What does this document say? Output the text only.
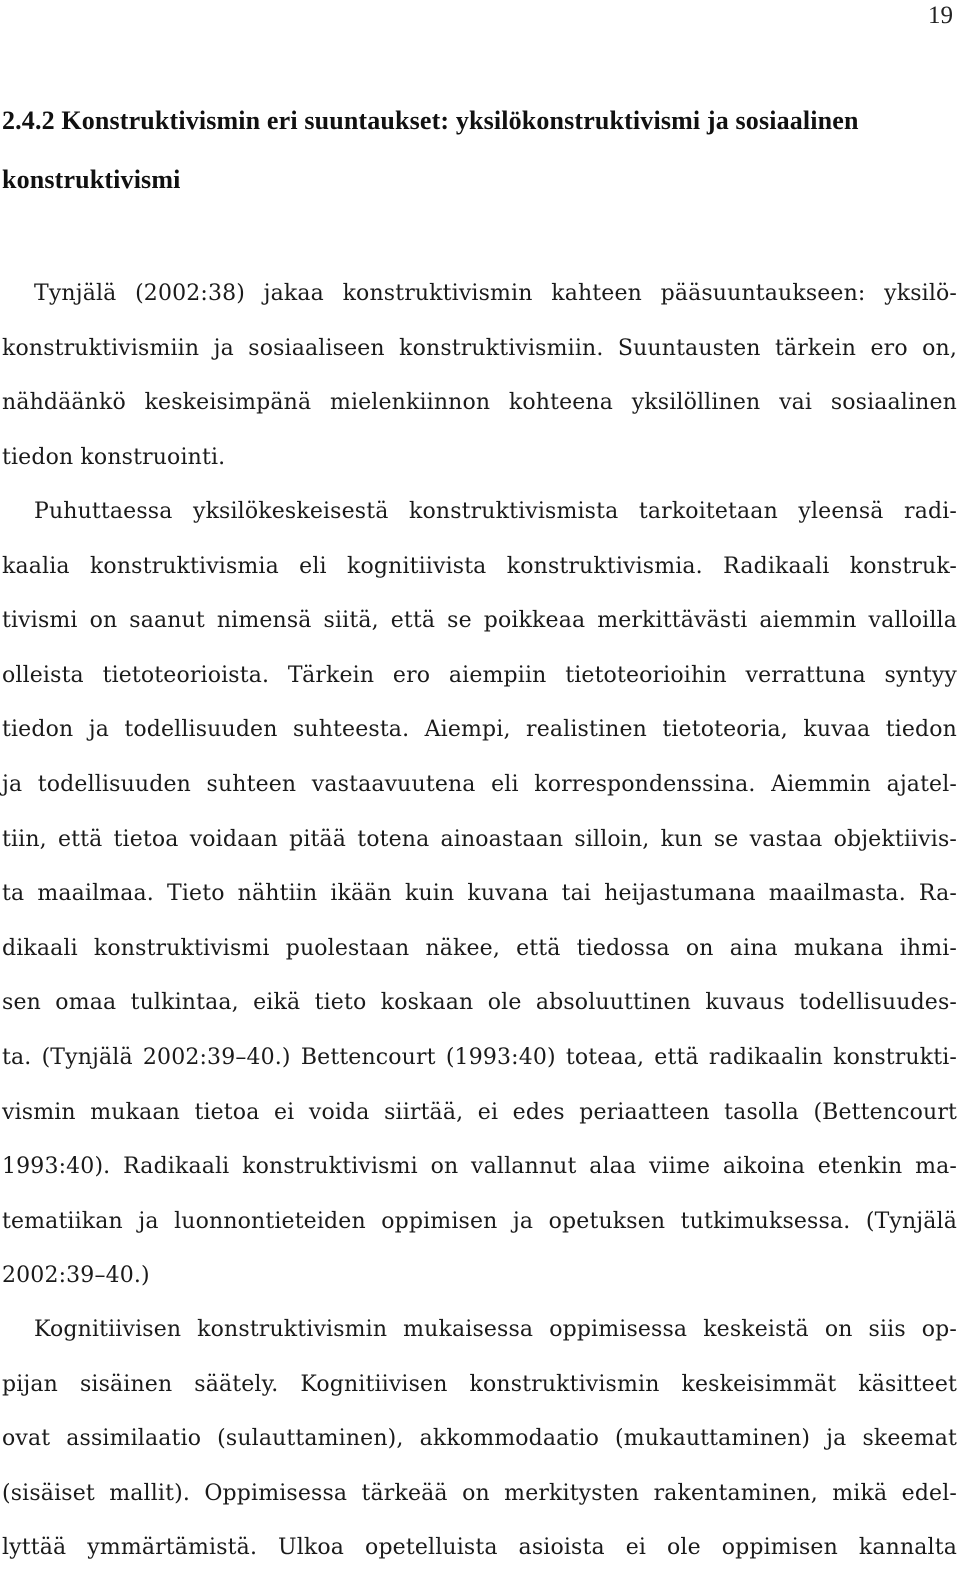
19
2.4.2 Konstruktivismin eri suuntaukset: yksilökonstruktivismi ja sosiaalinen
konstruktivismi
Tynjälä (2002:38) jakaa konstruktivismin kahteen pääsuuntaukseen: yksilö-
konstruktivismiin ja sosiaaliseen konstruktivismiin. Suuntausten tärkein ero on,
nähdäänkö keskeisimpänä mielenkiinnon kohteena yksilöllinen vai sosiaalinen
tiedon konstruointi.
Puhuttaessa yksilökeskeisestä konstruktivismista tarkoitetaan yleensä radi-
kaalia konstruktivismia eli kognitiivista konstruktivismia. Radikaali konstruk-
tivismi on saanut nimensä siitä, että se poikkeaa merkittävästi aiemmin valloilla
olleista tietoteorioista. Tärkein ero aiempiin tietoteorioihin verrattuna syntyy
tiedon ja todellisuuden suhteesta. Aiempi, realistinen tietoteoria, kuvaa tiedon
ja todellisuuden suhteen vastaavuutena eli korrespondenssina. Aiemmin ajatel-
tiin, että tietoa voidaan pitää totena ainoastaan silloin, kun se vastaa objektiivis-
ta maailmaa. Tieto nähtiin ikään kuin kuvana tai heijastumana maailmasta. Ra-
dikaali konstruktivismi puolestaan näkee, että tiedossa on aina mukana ihmi-
sen omaa tulkintaa, eikä tieto koskaan ole absoluuttinen kuvaus todellisuudes-
ta. (Tynjälä 2002:39–40.) Bettencourt (1993:40) toteaa, että radikaalin konstrukti-
vismin mukaan tietoa ei voida siirtää, ei edes periaatteen tasolla (Bettencourt
1993:40). Radikaali konstruktivismi on vallannut alaa viime aikoina etenkin ma-
tematiikan ja luonnontieteiden oppimisen ja opetuksen tutkimuksessa. (Tynjälä
2002:39–40.)
Kognitiivisen konstruktivismin mukaisessa oppimisessa keskeistä on siis op-
pijan sisäinen säätely. Kognitiivisen konstruktivismin keskeisimmät käsitteet
ovat assimilaatio (sulauttaminen), akkommodaatio (mukauttaminen) ja skeemat
(sisäiset mallit). Oppimisessa tärkeää on merkitysten rakentaminen, mikä edel-
lyttää ymmärtämistä. Ulkoa opetelluista asioista ei ole oppimisen kannalta
